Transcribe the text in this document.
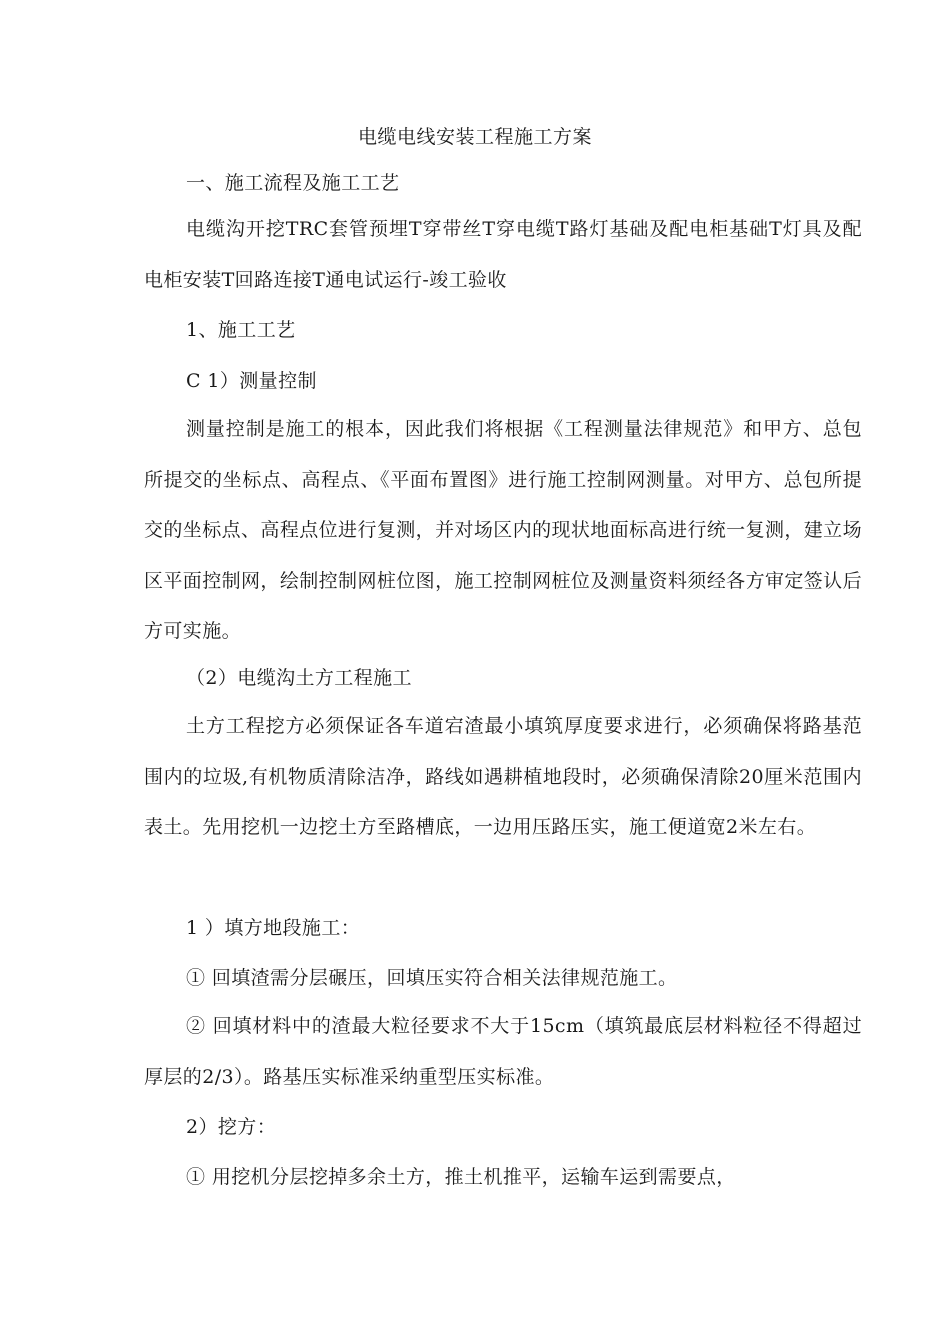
电缆电线安装工程施工方案
一、施工流程及施工工艺
电缆沟开挖TRC套管预埋T穿带丝T穿电缆T路灯基础及配电柜基础T灯具及配电柜安装T回路连接T通电试运行-竣工验收
1、施工工艺
C 1）测量控制
测量控制是施工的根本，因此我们将根据《工程测量法律规范》和甲方、总包所提交的坐标点、高程点、《平面布置图》进行施工控制网测量。对甲方、总包所提交的坐标点、高程点位进行复测，并对场区内的现状地面标高进行统一复测，建立场区平面控制网，绘制控制网桩位图，施工控制网桩位及测量资料须经各方审定签认后方可实施。
（2）电缆沟土方工程施工
土方工程挖方必须保证各车道宕渣最小填筑厚度要求进行，必须确保将路基范围内的垃圾,有机物质清除洁净，路线如遇耕植地段时，必须确保清除20厘米范围内表土。先用挖机一边挖土方至路槽底，一边用压路压实，施工便道宽2米左右。
1 ）填方地段施工：
① 回填渣需分层碾压，回填压实符合相关法律规范施工。
② 回填材料中的渣最大粒径要求不大于15cm（填筑最底层材料粒径不得超过厚层的2/3）。路基压实标准采纳重型压实标准。
2）挖方：
① 用挖机分层挖掉多余土方，推土机推平，运输车运到需要点，
